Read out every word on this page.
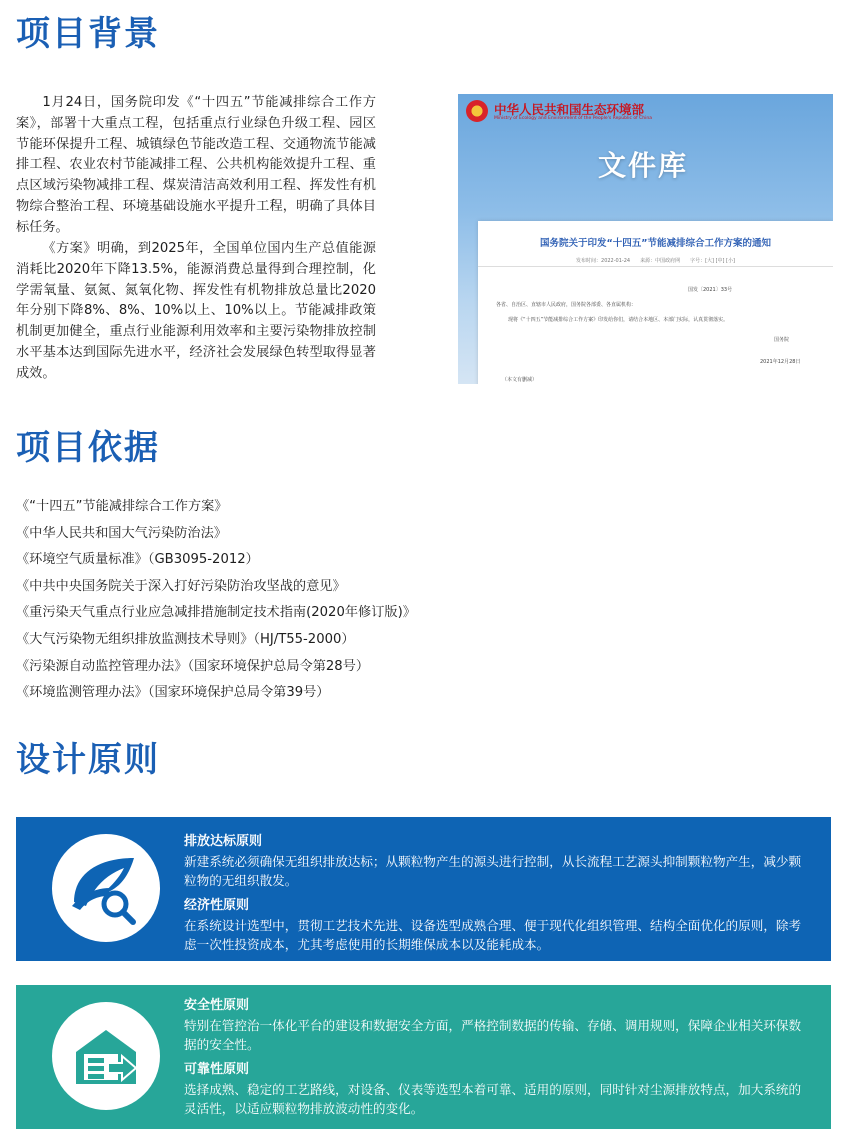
项目背景

1月24日，国务院印发《“十四五”节能减排综合工作方案》，部署十大重点工程，包括重点行业绿色升级工程、园区节能环保提升工程、城镇绿色节能改造工程、交通物流节能减排工程、农业农村节能减排工程、公共机构能效提升工程、重点区域污染物减排工程、煤炭清洁高效利用工程、挥发性有机物综合整治工程、环境基础设施水平提升工程，明确了具体目标任务。

《方案》明确，到2025年，全国单位国内生产总值能源消耗比2020年下降13.5%，能源消费总量得到合理控制，化学需氧量、氨氮、氮氧化物、挥发性有机物排放总量比2020年分别下降8%、8%、10%以上、10%以上。节能减排政策机制更加健全，重点行业能源利用效率和主要污染物排放控制水平基本达到国际先进水平，经济社会发展绿色转型取得显著成效。

中华人民共和国生态环境部
Ministry of Ecology and Environment of the People's Republic of China
文件库
国务院关于印发“十四五”节能减排综合工作方案的通知
发布时间：2022-01-24　　来源：中国政府网　　字号：[大] [中] [小]
国发〔2021〕33号
各省、自治区、直辖市人民政府，国务院各部委、各直属机构：
现将《“十四五”节能减排综合工作方案》印发给你们，请结合本地区、本部门实际，认真贯彻落实。
国务院
2021年12月28日
（本文有删减）
项目依据
《“十四五”节能减排综合工作方案》
《中华人民共和国大气污染防治法》
《环境空气质量标准》（GB3095-2012）
《中共中央国务院关于深入打好污染防治攻坚战的意见》
《重污染天气重点行业应急减排措施制定技术指南(2020年修订版)》
《大气污染物无组织排放监测技术导则》（HJ/T55-2000）
《污染源自动监控管理办法》（国家环境保护总局令第28号）
《环境监测管理办法》（国家环境保护总局令第39号）
设计原则
排放达标原则
新建系统必须确保无组织排放达标；从颗粒物产生的源头进行控制，从长流程工艺源头抑制颗粒物产生，减少颗粒物的无组织散发。
经济性原则
在系统设计选型中，贯彻工艺技术先进、设备选型成熟合理、便于现代化组织管理、结构全面优化的原则，除考虑一次性投资成本，尤其考虑使用的长期维保成本以及能耗成本。
安全性原则
特别在管控治一体化平台的建设和数据安全方面，严格控制数据的传输、存储、调用规则，保障企业相关环保数据的安全性。
可靠性原则
选择成熟、稳定的工艺路线，对设备、仪表等选型本着可靠、适用的原则，同时针对尘源排放特点，加大系统的灵活性，以适应颗粒物排放波动性的变化。
